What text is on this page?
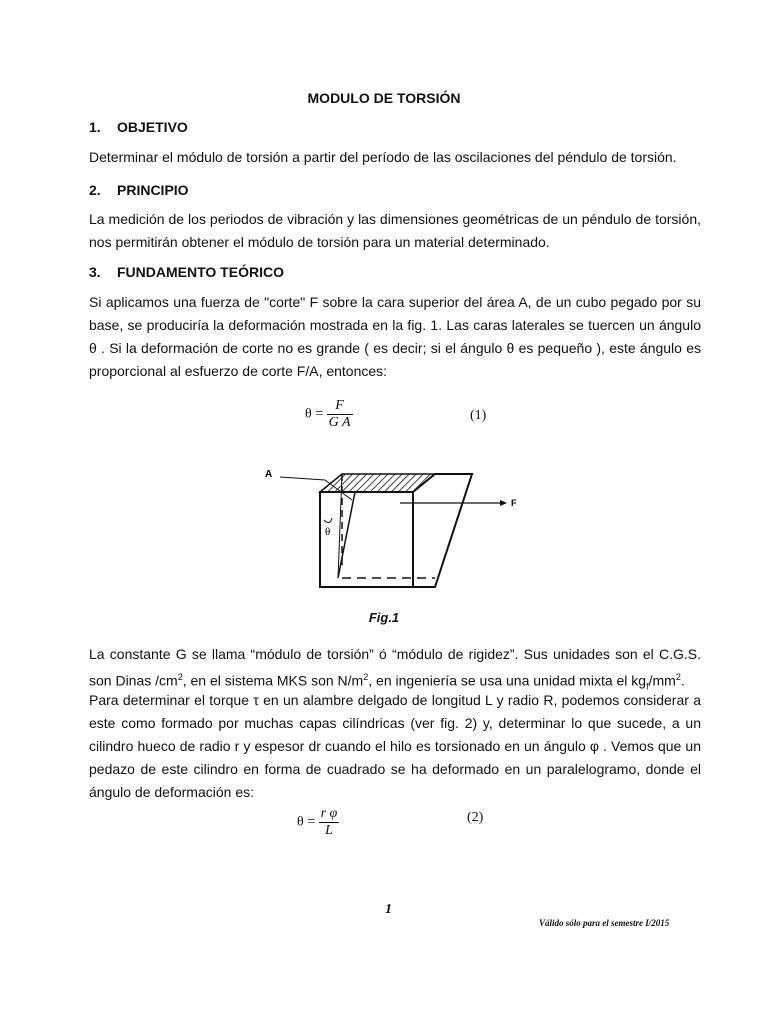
MODULO DE TORSIÓN
1. OBJETIVO
Determinar el módulo de torsión a partir del período de las oscilaciones del péndulo de torsión.
2. PRINCIPIO
La medición de los periodos de vibración y las dimensiones geométricas de un péndulo de torsión, nos permitirán obtener el módulo de torsión para un material determinado.
3. FUNDAMENTO TEÓRICO
Si aplicamos una fuerza de "corte" F sobre la cara superior del área A, de un cubo pegado por su base, se produciría la deformación mostrada en la fig. 1. Las caras laterales se tuercen un ángulo θ . Si la deformación de corte no es grande ( es decir; si el ángulo θ es pequeño ), este ángulo es proporcional al esfuerzo de corte F/A, entonces:
$\theta = \frac{F}{\text{G A}}$	(1)
A
F
θ
Fig.1
La constante G se llama “módulo de torsión” ó “módulo de rigidez”. Sus unidades son el C.G.S. son Dinas $/cm^2$, en el sistema MKS son $N/m^2$, en ingeniería se usa una unidad mixta el $kg_f/mm^2$.
Para determinar el torque τ en un alambre delgado de longitud L y radio R, podemos considerar a este como formado por muchas capas cilíndricas (ver fig. 2) y, determinar lo que sucede, a un cilindro hueco de radio r y espesor dr cuando el hilo es torsionado en un ángulo φ . Vemos que un pedazo de este cilindro en forma de cuadrado se ha deformado en un paralelogramo, donde el ángulo de deformación es:
$\theta = \frac{\text{r φ}}{L}$	(2)
1
Válido sólo para el semestre I/2015
